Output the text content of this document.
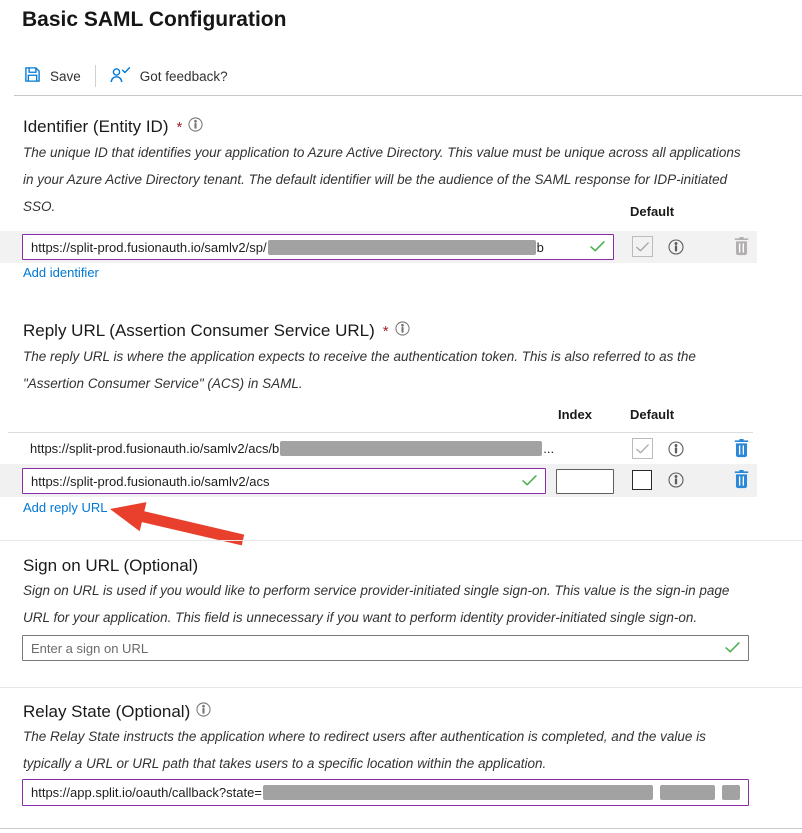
Basic SAML Configuration
Save	Got feedback?
Identifier (Entity ID) *
The unique ID that identifies your application to Azure Active Directory. This value must be unique across all applications in your Azure Active Directory tenant. The default identifier will be the audience of the SAML response for IDP-initiated SSO.	Default
https://split-prod.fusionauth.io/samlv2/sp/	b
Add identifier
Reply URL (Assertion Consumer Service URL) *
The reply URL is where the application expects to receive the authentication token. This is also referred to as the "Assertion Consumer Service" (ACS) in SAML.
Index	Default
https://split-prod.fusionauth.io/samlv2/acs/b	...
https://split-prod.fusionauth.io/samlv2/acs
Add reply URL
Sign on URL (Optional)
Sign on URL is used if you would like to perform service provider-initiated single sign-on. This value is the sign-in page URL for your application. This field is unnecessary if you want to perform identity provider-initiated single sign-on.
Enter a sign on URL
Relay State (Optional)
The Relay State instructs the application where to redirect users after authentication is completed, and the value is typically a URL or URL path that takes users to a specific location within the application.
https://app.split.io/oauth/callback?state=
